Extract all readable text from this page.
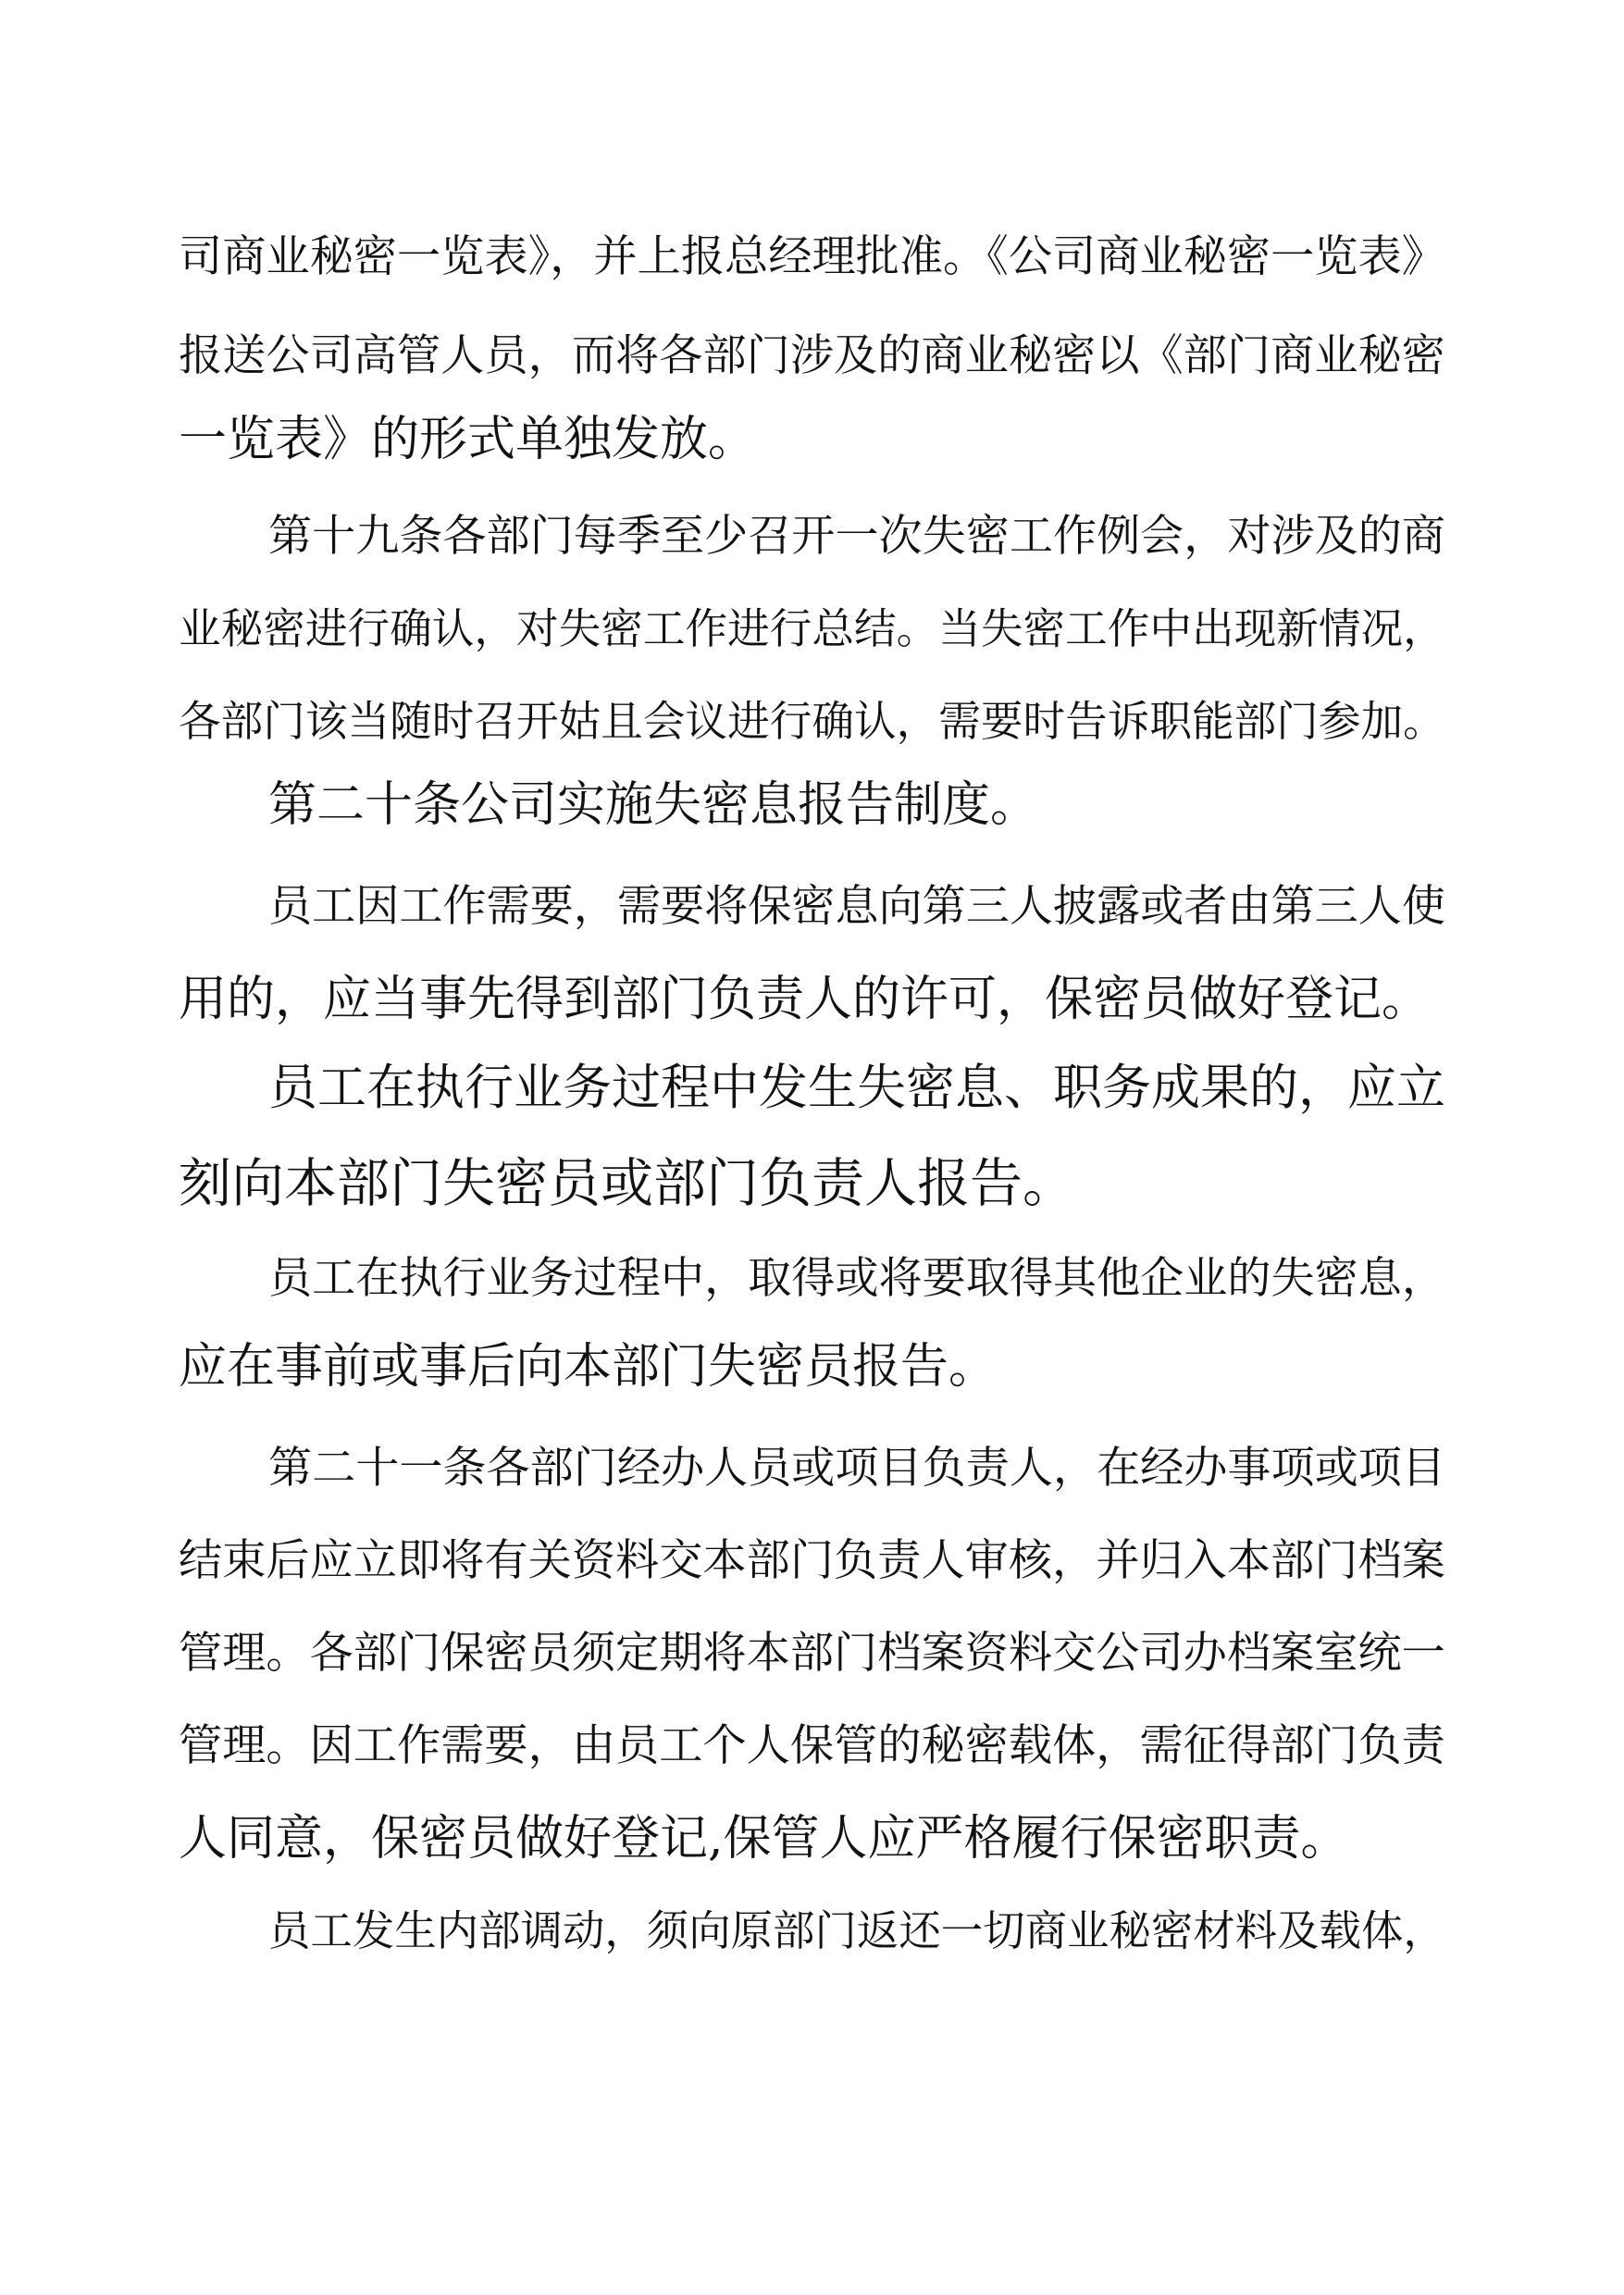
司商业秘密一览表》，并上报总经理批准。《公司商业秘密一览表》
报送公司高管人员，而将各部门涉及的商业秘密以《部门商业秘密
一览表》的形式单独发放。
第十九条各部门每季至少召开一次失密工作例会，对涉及的商
业秘密进行确认，对失密工作进行总结。当失密工作中出现新情况，
各部门该当随时召开姑且会议进行确认，需要时告诉职能部门参加。
第二十条公司实施失密息报告制度。
员工因工作需要，需要将保密息向第三人披露或者由第三人使
用的，应当事先得到部门负责人的许可，保密员做好登记。
员工在执行业务过程中发生失密息、职务成果的，应立
刻向本部门失密员或部门负责人报告。
员工在执行业务过程中，取得或将要取得其他企业的失密息，
应在事前或事后向本部门失密员报告。
第二十一条各部门经办人员或项目负责人，在经办事项或项目
结束后应立即将有关资料交本部门负责人审核，并归入本部门档案
管理。各部门保密员须定期将本部门档案资料交公司办档案室统一
管理。因工作需要，由员工个人保管的秘密载体，需征得部门负责
人同意，保密员做好登记,保管人应严格履行保密职责。
员工发生内部调动，须向原部门返还一切商业秘密材料及载体，
